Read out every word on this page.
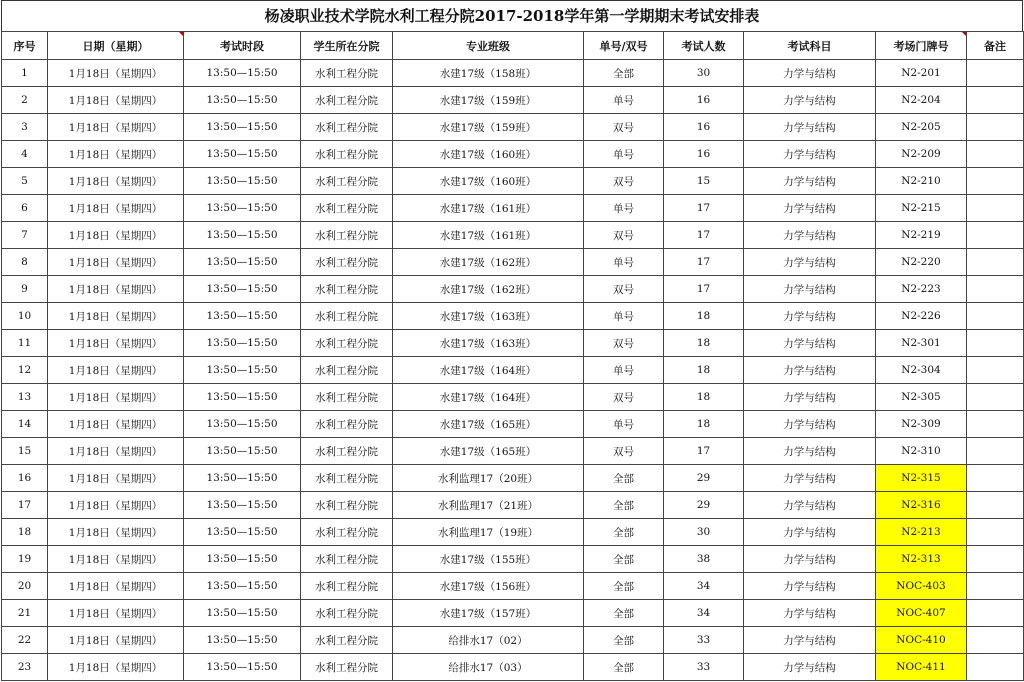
杨凌职业技术学院水利工程分院2017-2018学年第一学期期末考试安排表
序号	日期（星期）	考试时段	学生所在分院	专业班级	单号/双号	考试人数	考试科目	考场门牌号	备注
1	1月18日（星期四）	13:50—15:50	水利工程分院	水建17级（158班）	全部	30	力学与结构	N2-201	
2	1月18日（星期四）	13:50—15:50	水利工程分院	水建17级（159班）	单号	16	力学与结构	N2-204	
3	1月18日（星期四）	13:50—15:50	水利工程分院	水建17级（159班）	双号	16	力学与结构	N2-205	
4	1月18日（星期四）	13:50—15:50	水利工程分院	水建17级（160班）	单号	16	力学与结构	N2-209	
5	1月18日（星期四）	13:50—15:50	水利工程分院	水建17级（160班）	双号	15	力学与结构	N2-210	
6	1月18日（星期四）	13:50—15:50	水利工程分院	水建17级（161班）	单号	17	力学与结构	N2-215	
7	1月18日（星期四）	13:50—15:50	水利工程分院	水建17级（161班）	双号	17	力学与结构	N2-219	
8	1月18日（星期四）	13:50—15:50	水利工程分院	水建17级（162班）	单号	17	力学与结构	N2-220	
9	1月18日（星期四）	13:50—15:50	水利工程分院	水建17级（162班）	双号	17	力学与结构	N2-223	
10	1月18日（星期四）	13:50—15:50	水利工程分院	水建17级（163班）	单号	18	力学与结构	N2-226	
11	1月18日（星期四）	13:50—15:50	水利工程分院	水建17级（163班）	双号	18	力学与结构	N2-301	
12	1月18日（星期四）	13:50—15:50	水利工程分院	水建17级（164班）	单号	18	力学与结构	N2-304	
13	1月18日（星期四）	13:50—15:50	水利工程分院	水建17级（164班）	双号	18	力学与结构	N2-305	
14	1月18日（星期四）	13:50—15:50	水利工程分院	水建17级（165班）	单号	18	力学与结构	N2-309	
15	1月18日（星期四）	13:50—15:50	水利工程分院	水建17级（165班）	双号	17	力学与结构	N2-310	
16	1月18日（星期四）	13:50—15:50	水利工程分院	水利监理17（20班）	全部	29	力学与结构	N2-315	
17	1月18日（星期四）	13:50—15:50	水利工程分院	水利监理17（21班）	全部	29	力学与结构	N2-316	
18	1月18日（星期四）	13:50—15:50	水利工程分院	水利监理17（19班）	全部	30	力学与结构	N2-213	
19	1月18日（星期四）	13:50—15:50	水利工程分院	水建17级（155班）	全部	38	力学与结构	N2-313	
20	1月18日（星期四）	13:50—15:50	水利工程分院	水建17级（156班）	全部	34	力学与结构	NOC-403	
21	1月18日（星期四）	13:50—15:50	水利工程分院	水建17级（157班）	全部	34	力学与结构	NOC-407	
22	1月18日（星期四）	13:50—15:50	水利工程分院	给排水17（02）	全部	33	力学与结构	NOC-410	
23	1月18日（星期四）	13:50—15:50	水利工程分院	给排水17（03）	全部	33	力学与结构	NOC-411	
